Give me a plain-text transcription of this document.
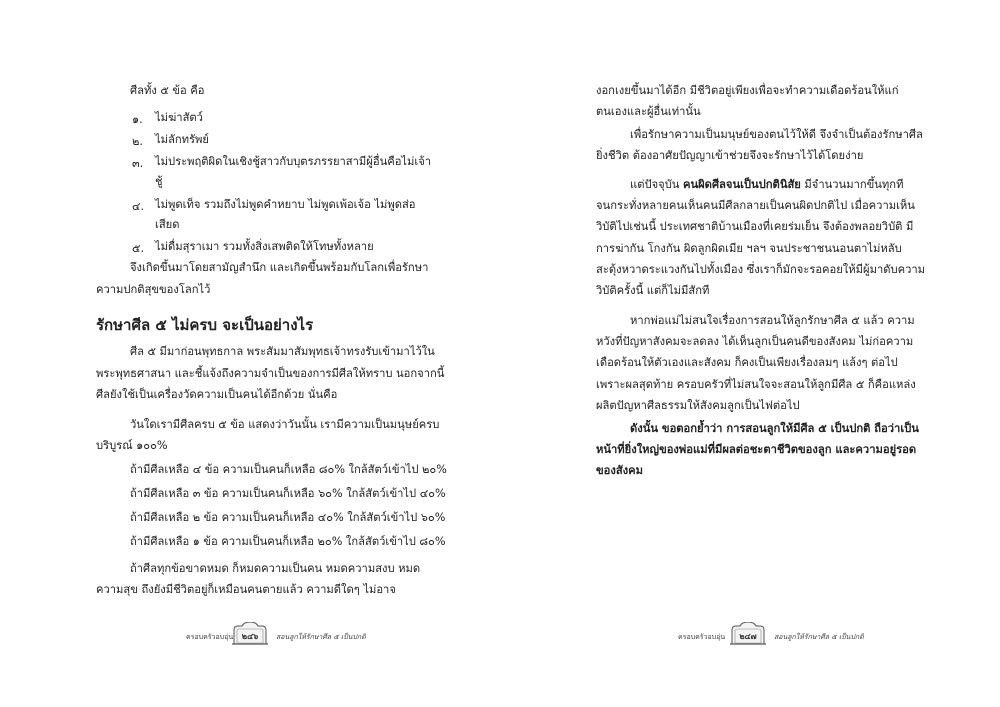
ศีลทั้ง ๕ ข้อ คือ
๑. ไม่ฆ่าสัตว์
๒. ไม่ลักทรัพย์
๓. ไม่ประพฤติผิดในเชิงชู้สาวกับบุตรภรรยาสามีผู้อื่นคือไม่เจ้า
ชู้
๔. ไม่พูดเท็จ รวมถึงไม่พูดคำหยาบ ไม่พูดเพ้อเจ้อ ไม่พูดส่อ
เสียด
๕. ไม่ดื่มสุราเมา รวมทั้งสิ่งเสพติดให้โทษทั้งหลาย
จึงเกิดขึ้นมาโดยสามัญสำนึก และเกิดขึ้นพร้อมกับโลกเพื่อรักษา
ความปกติสุขของโลกไว้
รักษาศีล ๕ ไม่ครบ จะเป็นอย่างไร
ศีล ๕ มีมาก่อนพุทธกาล พระสัมมาสัมพุทธเจ้าทรงรับเข้ามาไว้ใน
พระพุทธศาสนา และชี้แจ้งถึงความจำเป็นของการมีศีลให้ทราบ นอกจากนี้
ศีลยังใช้เป็นเครื่องวัดความเป็นคนได้อีกด้วย นั่นคือ
วันใดเรามีศีลครบ ๕ ข้อ แสดงว่าวันนั้น เรามีความเป็นมนุษย์ครบ
บริบูรณ์ ๑๐๐%
ถ้ามีศีลเหลือ ๔ ข้อ ความเป็นคนก็เหลือ ๘๐% ใกล้สัตว์เข้าไป ๒๐%
ถ้ามีศีลเหลือ ๓ ข้อ ความเป็นคนก็เหลือ ๖๐% ใกล้สัตว์เข้าไป ๔๐%
ถ้ามีศีลเหลือ ๒ ข้อ ความเป็นคนก็เหลือ ๔๐% ใกล้สัตว์เข้าไป ๖๐%
ถ้ามีศีลเหลือ ๑ ข้อ ความเป็นคนก็เหลือ ๒๐% ใกล้สัตว์เข้าไป ๘๐%
ถ้าศีลทุกข้อขาดหมด ก็หมดความเป็นคน หมดความสงบ หมด
ความสุข ถึงยังมีชีวิตอยู่ก็เหมือนคนตายแล้ว ความดีใดๆ ไม่อาจ
ครอบครัวอบอุ่น	๒๔๖	สอนลูกให้รักษาศีล ๕ เป็นปกติ
งอกเงยขึ้นมาได้อีก มีชีวิตอยู่เพียงเพื่อจะทำความเดือดร้อนให้แก่
ตนเองและผู้อื่นเท่านั้น
เพื่อรักษาความเป็นมนุษย์ของตนไว้ให้ดี จึงจำเป็นต้องรักษาศีล
ยิ่งชีวิต ต้องอาศัยปัญญาเข้าช่วยจึงจะรักษาไว้ได้โดยง่าย
แต่ปัจจุบัน คนผิดศีลจนเป็นปกตินิสัย มีจำนวนมากขึ้นทุกที
จนกระทั่งหลายคนเห็นคนมีศีลกลายเป็นคนผิดปกติไป เมื่อความเห็น
วิบัติไปเช่นนี้ ประเทศชาติบ้านเมืองที่เคยร่มเย็น จึงต้องพลอยวิบัติ มี
การฆ่ากัน โกงกัน ผิดลูกผิดเมีย ฯลฯ จนประชาชนนอนตาไม่หลับ
สะดุ้งหวาดระแวงกันไปทั้งเมือง ซึ่งเราก็มักจะรอคอยให้มีผู้มาดับความ
วิบัติครั้งนี้ แต่ก็ไม่มีสักที
หากพ่อแม่ไม่สนใจเรื่องการสอนให้ลูกรักษาศีล ๕ แล้ว ความ
หวังที่ปัญหาสังคมจะลดลง ได้เห็นลูกเป็นคนดีของสังคม ไม่ก่อความ
เดือดร้อนให้ตัวเองและสังคม ก็คงเป็นเพียงเรื่องลมๆ แล้งๆ ต่อไป
เพราะผลสุดท้าย ครอบครัวที่ไม่สนใจจะสอนให้ลูกมีศีล ๕ ก็คือแหล่ง
ผลิตปัญหาศีลธรรมให้สังคมลูกเป็นไฟต่อไป
ดังนั้น ขอตอกย้ำว่า การสอนลูกให้มีศีล ๕ เป็นปกติ ถือว่าเป็น
หน้าที่ยิ่งใหญ่ของพ่อแม่ที่มีผลต่อชะตาชีวิตของลูก และความอยู่รอด
ของสังคม
ครอบครัวอบอุ่น	๒๔๗	สอนลูกให้รักษาศีล ๕ เป็นปกติ
